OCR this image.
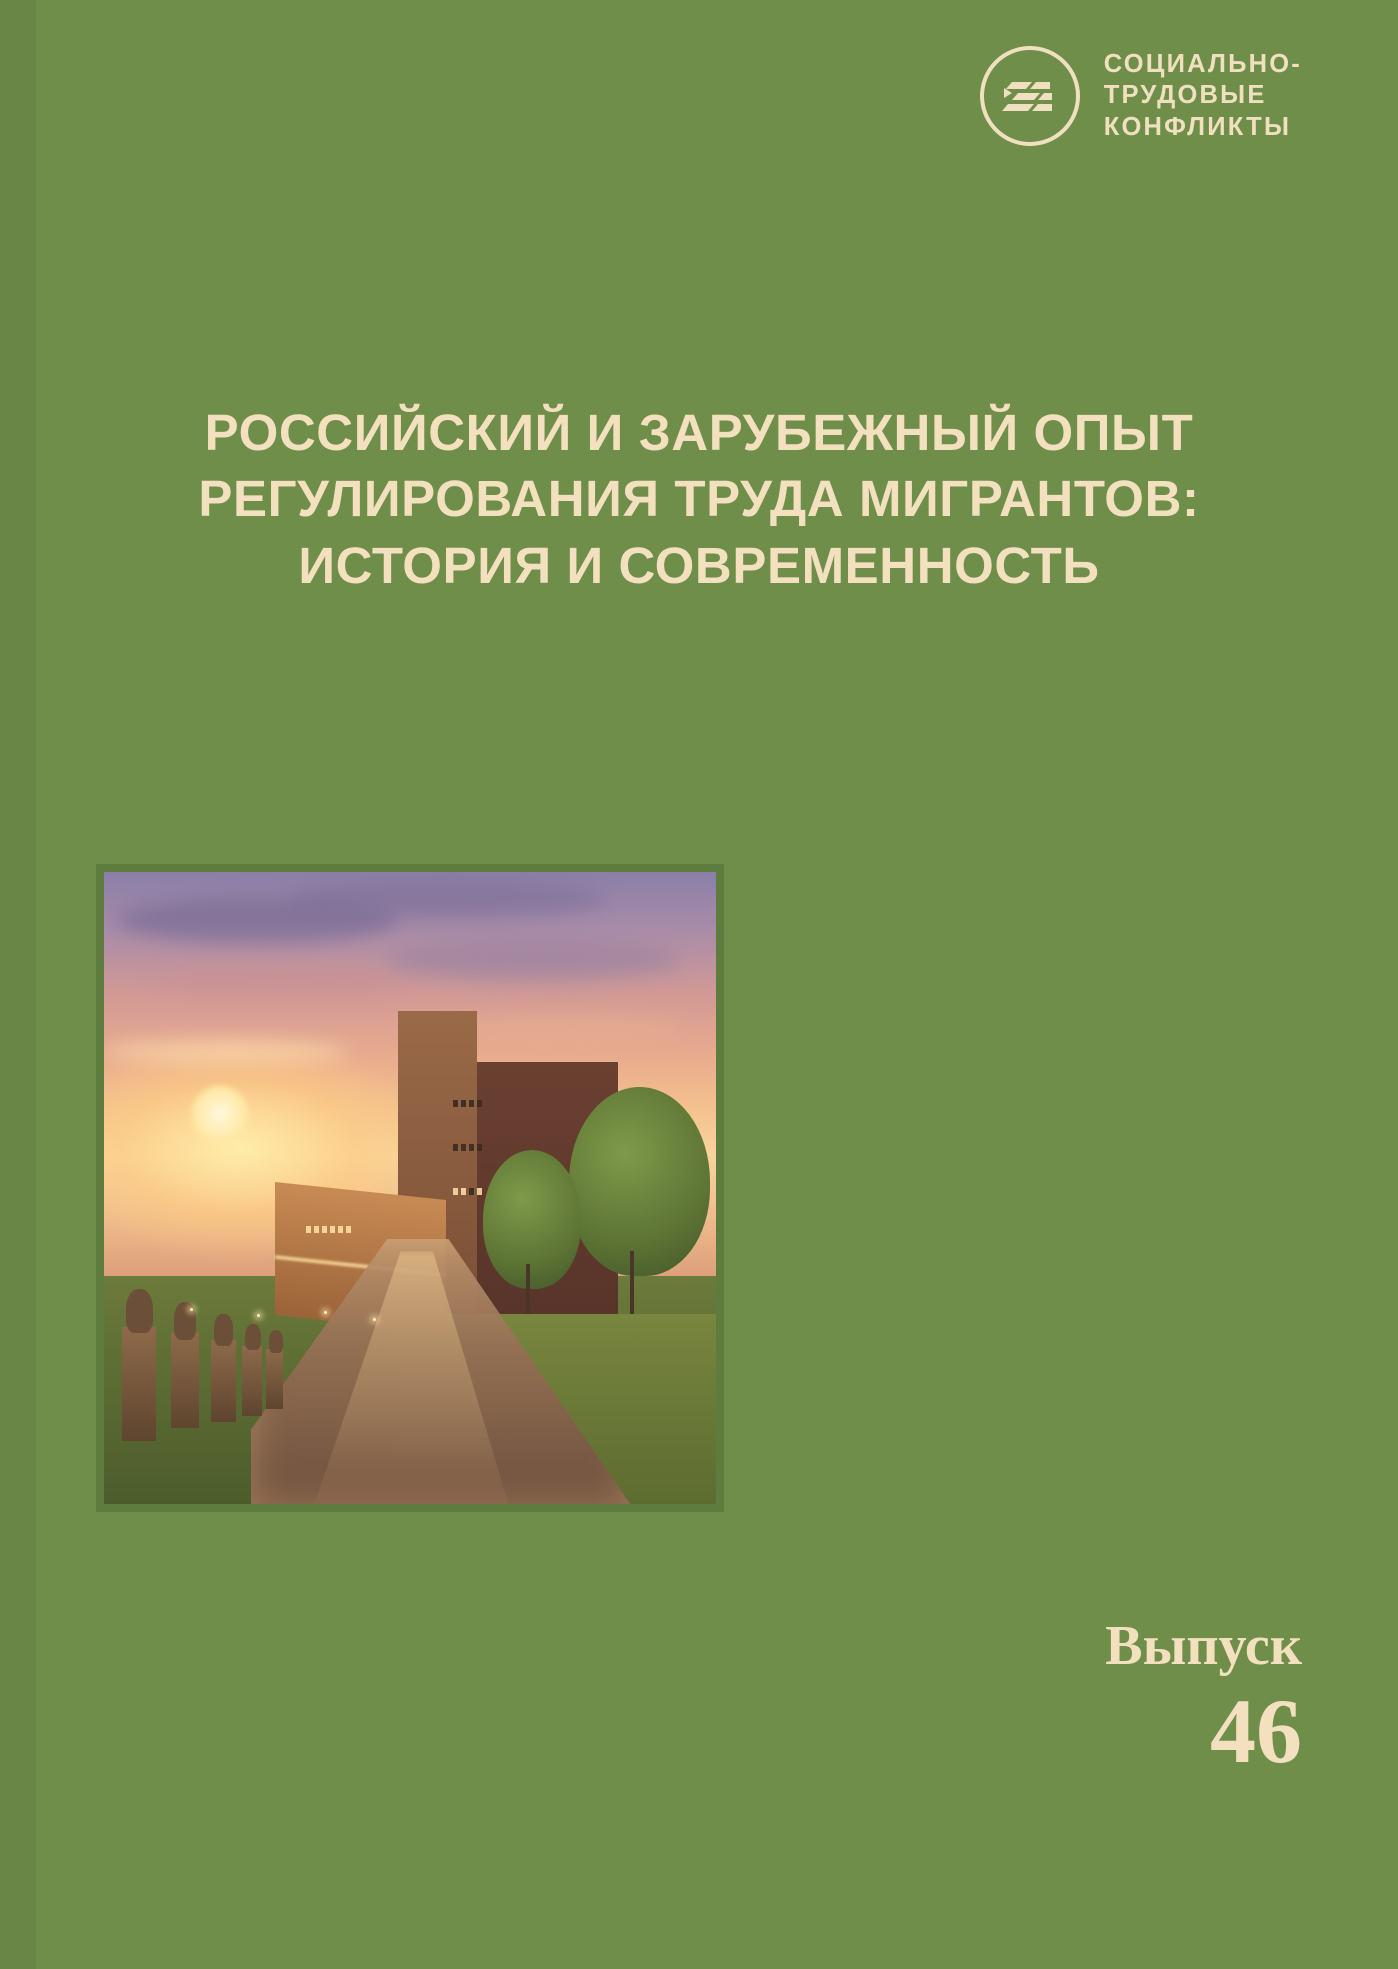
СОЦИАЛЬНО-
ТРУДОВЫЕ
КОНФЛИКТЫ
РОССИЙСКИЙ И ЗАРУБЕЖНЫЙ ОПЫТ
РЕГУЛИРОВАНИЯ ТРУДА МИГРАНТОВ:
ИСТОРИЯ И СОВРЕМЕННОСТЬ
Выпуск
46
